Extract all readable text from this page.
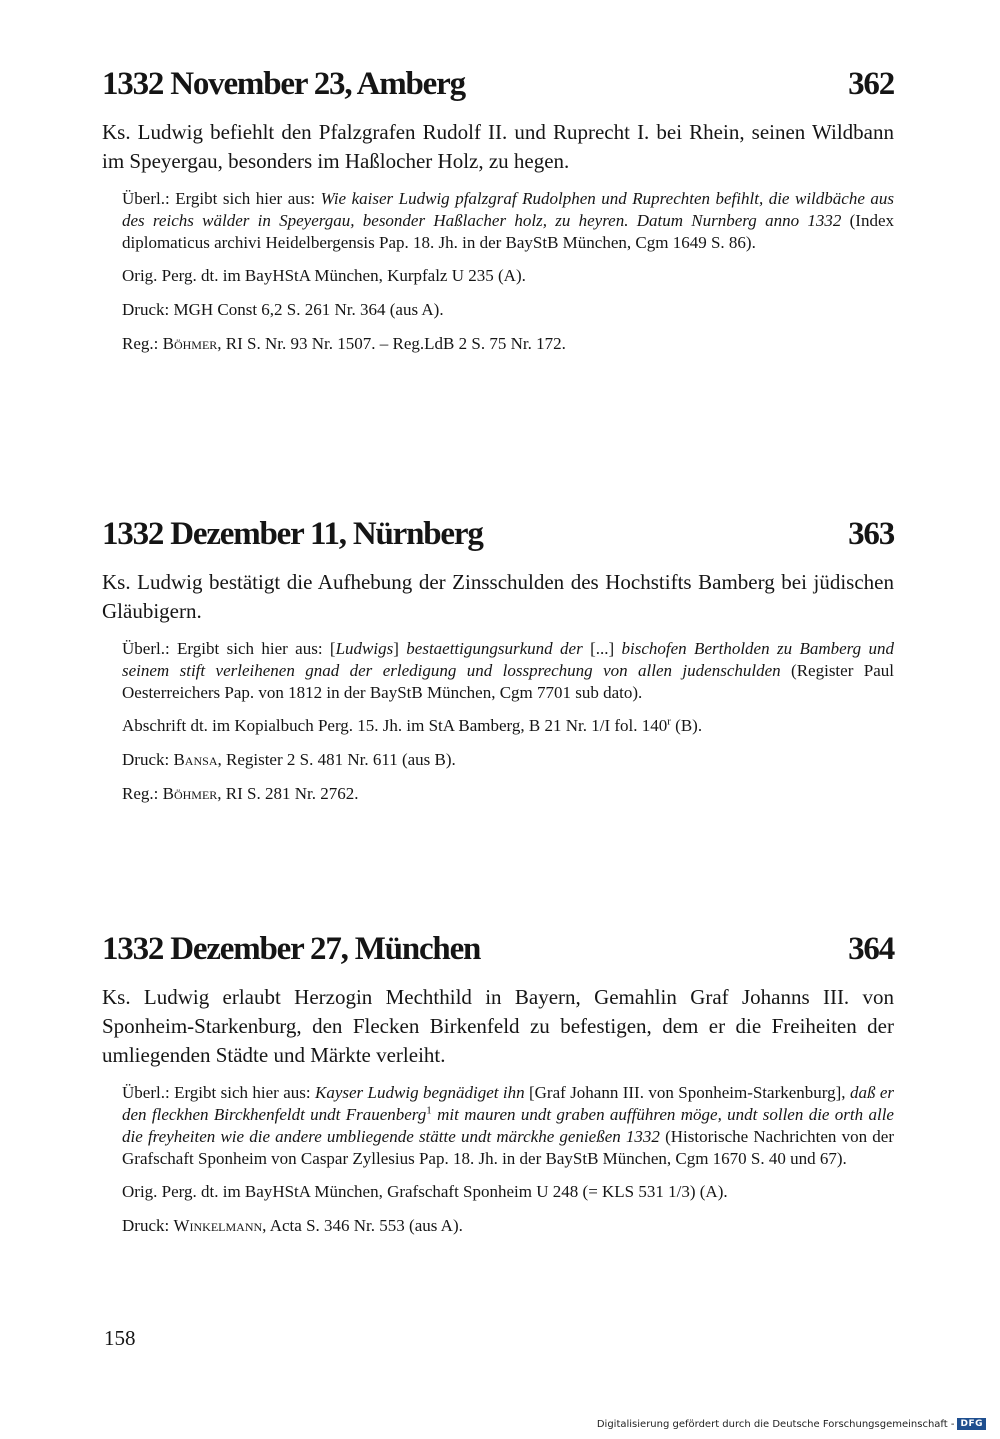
1332 November 23, Amberg	362

Ks. Ludwig befiehlt den Pfalzgrafen Rudolf II. und Ruprecht I. bei Rhein, seinen Wildbann im Speyergau, besonders im Haßlocher Holz, zu hegen.

Überl.: Ergibt sich hier aus: Wie kaiser Ludwig pfalzgraf Rudolphen und Ruprechten befihlt, die wildbäche aus des reichs wälder in Speyergau, besonder Haßlacher holz, zu heyren. Datum Nurnberg anno 1332 (Index diplomaticus archivi Heidelbergensis Pap. 18. Jh. in der BayStB München, Cgm 1649 S. 86).
Orig. Perg. dt. im BayHStA München, Kurpfalz U 235 (A).
Druck: MGH Const 6,2 S. 261 Nr. 364 (aus A).
Reg.: Böhmer, RI S. Nr. 93 Nr. 1507. – Reg.LdB 2 S. 75 Nr. 172.
1332 Dezember 11, Nürnberg	363

Ks. Ludwig bestätigt die Aufhebung der Zinsschulden des Hochstifts Bamberg bei jüdischen Gläubigern.

Überl.: Ergibt sich hier aus: [Ludwigs] bestaettigungsurkund der [...] bischofen Bertholden zu Bamberg und seinem stift verleihenen gnad der erledigung und lossprechung von allen judenschulden (Register Paul Oesterreichers Pap. von 1812 in der BayStB München, Cgm 7701 sub dato).
Abschrift dt. im Kopialbuch Perg. 15. Jh. im StA Bamberg, B 21 Nr. 1/I fol. 140$^r$ (B).
Druck: Bansa, Register 2 S. 481 Nr. 611 (aus B).
Reg.: Böhmer, RI S. 281 Nr. 2762.
1332 Dezember 27, München	364

Ks. Ludwig erlaubt Herzogin Mechthild in Bayern, Gemahlin Graf Johanns III. von Sponheim-Starkenburg, den Flecken Birkenfeld zu befestigen, dem er die Freiheiten der umliegenden Städte und Märkte verleiht.

Überl.: Ergibt sich hier aus: Kayser Ludwig begnädiget ihn [Graf Johann III. von Sponheim-Starkenburg], daß er den fleckhen Birckhenfeldt undt Frauenberg$^1$ mit mauren undt graben aufführen möge, undt sollen die orth alle die freyheiten wie die andere umbliegende stätte undt märckhe genießen 1332 (Historische Nachrichten von der Grafschaft Sponheim von Caspar Zyllesius Pap. 18. Jh. in der BayStB München, Cgm 1670 S. 40 und 67).
Orig. Perg. dt. im BayHStA München, Grafschaft Sponheim U 248 (= KLS 531 1/3) (A).
Druck: Winkelmann, Acta S. 346 Nr. 553 (aus A).
158
Digitalisierung gefördert durch die Deutsche Forschungsgemeinschaft - DFG
